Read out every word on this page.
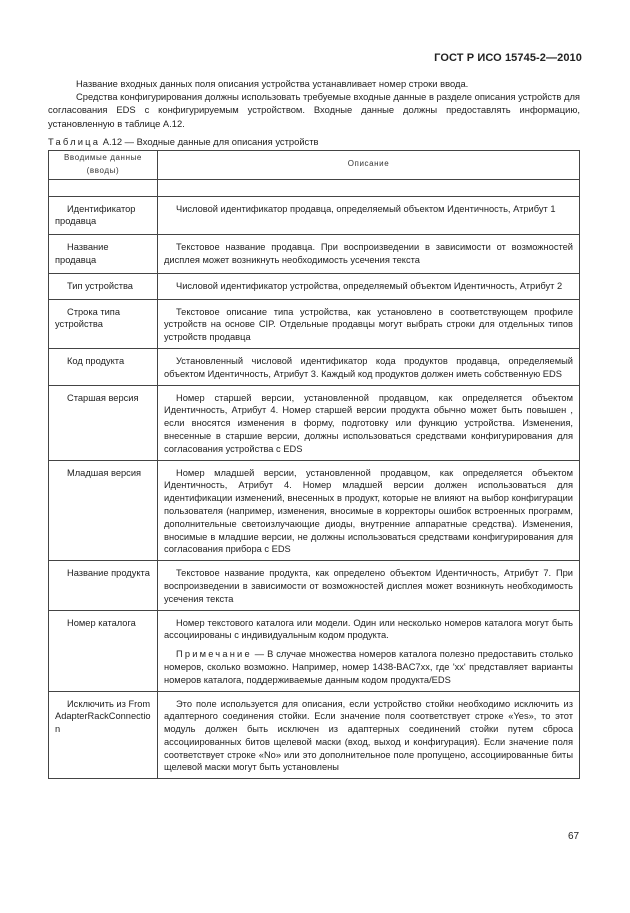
ГОСТ Р ИСО 15745-2—2010

Название входных данных поля описания устройства устанавливает номер строки ввода.

Средства конфигурирования должны использовать требуемые входные данные в разделе описания устройств для согласования EDS с конфигурируемым устройством. Входные данные должны предоставлять информацию, установленную в таблице А.12.

Таблица А.12 — Входные данные для описания устройств
Вводимые данные (вводы)	Описание

Идентификатор продавца	Числовой идентификатор продавца, определяемый объектом Идентичность, Атрибут 1

Название продавца	Текстовое название продавца. При воспроизведении в зависимости от возможностей дисплея может возникнуть необходимость усечения текста

Тип устройства	Числовой идентификатор устройства, определяемый объектом Идентичность, Атрибут 2

Строка типа устройства	Текстовое описание типа устройства, как установлено в соответствующем профиле устройств на основе CIP. Отдельные продавцы могут выбрать строки для отдельных типов устройств продавца

Код продукта	Установленный числовой идентификатор кода продуктов продавца, определяемый объектом Идентичность, Атрибут 3. Каждый код продуктов должен иметь собственную EDS

Старшая версия	Номер старшей версии, установленной продавцом, как определяется объектом Идентичность, Атрибут 4. Номер старшей версии продукта обычно может быть повышен , если вносятся изменения в форму, подготовку или функцию устройства. Изменения, внесенные в старшие версии, должны использоваться средствами конфигурирования для согласования устройства с EDS

Младшая версия	Номер младшей версии, установленной продавцом, как определяется объектом Идентичность, Атрибут 4. Номер младшей версии должен использоваться для идентификации изменений, внесенных в продукт, которые не влияют на выбор конфигурации пользователя (например, изменения, вносимые в корректоры ошибок встроенных программ, дополнительные светоизлучающие диоды, внутренние аппаратные средства). Изменения, вносимые в младшие версии, не должны использоваться средствами конфигурирования для согласования прибора с EDS

Название продукта	Текстовое название продукта, как определено объектом Идентичность, Атрибут 7. При воспроизведении в зависимости от возможностей дисплея может возникнуть необходимость усечения текста

Номер каталога	Номер текстового каталога или модели. Один или несколько номеров каталога могут быть ассоциированы с индивидуальным кодом продукта.

Примечание — В случае множества номеров каталога полезно предоставить столько номеров, сколько возможно. Например, номер 1438-BAC7xx, где 'xx' представляет варианты номеров каталога, поддерживаемые данным кодом продукта/EDS

Исключить из FromAdapterRackConnection	Это поле используется для описания, если устройство стойки необходимо исключить из адаптерного соединения стойки. Если значение поля соответствует строке «Yes», то этот модуль должен быть исключен из адаптерных соединений стойки путем сброса ассоциированных битов щелевой маски (вход, выход и конфигурация). Если значение поля соответствует строке «No» или это дополнительное поле пропущено, ассоциированные биты щелевой маски могут быть установлены

67
